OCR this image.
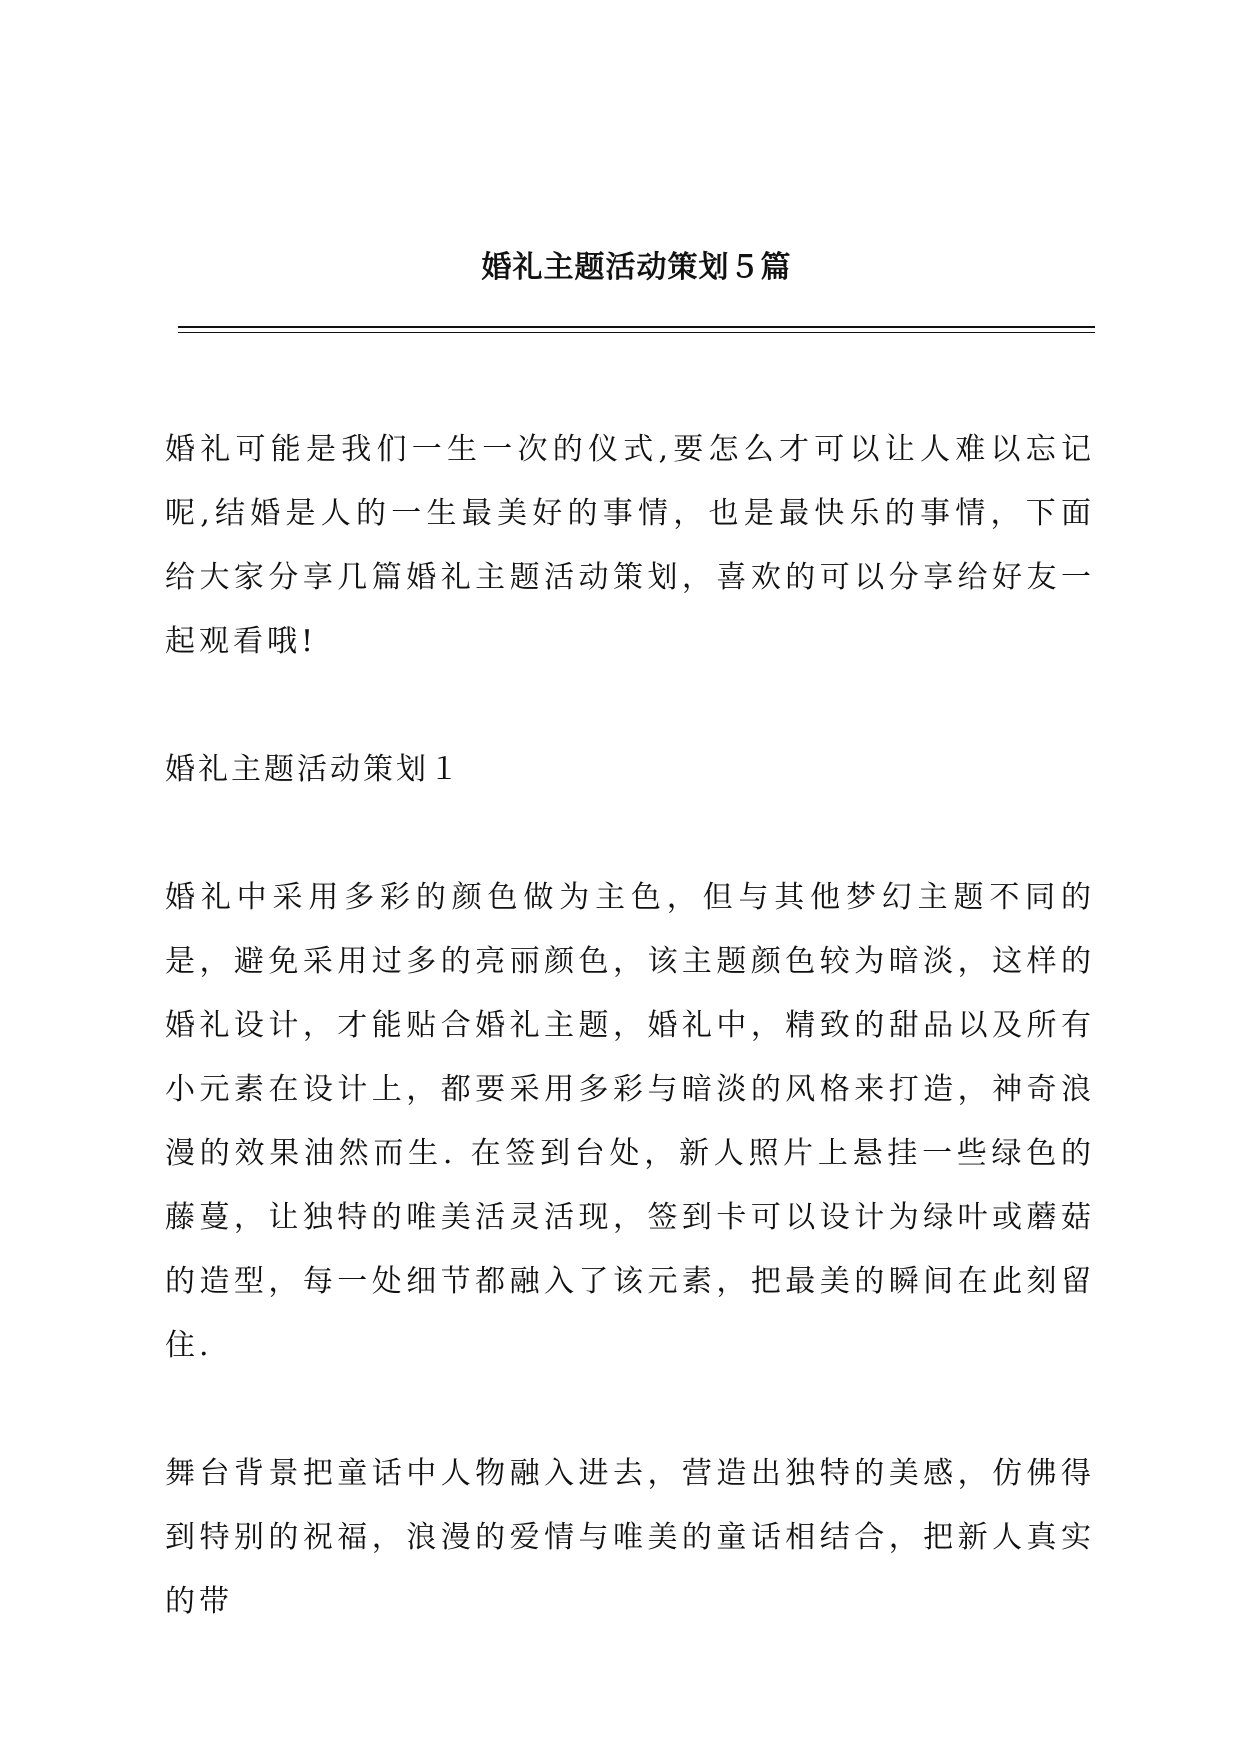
婚礼主题活动策划５篇

婚礼可能是我们一生一次的仪式,要怎么才可以让人难以忘记呢,结婚是人的一生最美好的事情，也是最快乐的事情，下面给大家分享几篇婚礼主题活动策划，喜欢的可以分享给好友一起观看哦!

婚礼主题活动策划１

婚礼中采用多彩的颜色做为主色，但与其他梦幻主题不同的是，避免采用过多的亮丽颜色，该主题颜色较为暗淡，这样的婚礼设计，才能贴合婚礼主题，婚礼中，精致的甜品以及所有小元素在设计上，都要采用多彩与暗淡的风格来打造，神奇浪漫的效果油然而生. 在签到台处，新人照片上悬挂一些绿色的藤蔓，让独特的唯美活灵活现，签到卡可以设计为绿叶或蘑菇的造型，每一处细节都融入了该元素，把最美的瞬间在此刻留住.

舞台背景把童话中人物融入进去，营造出独特的美感，仿佛得到特别的祝福，浪漫的爱情与唯美的童话相结合，把新人真实的带
